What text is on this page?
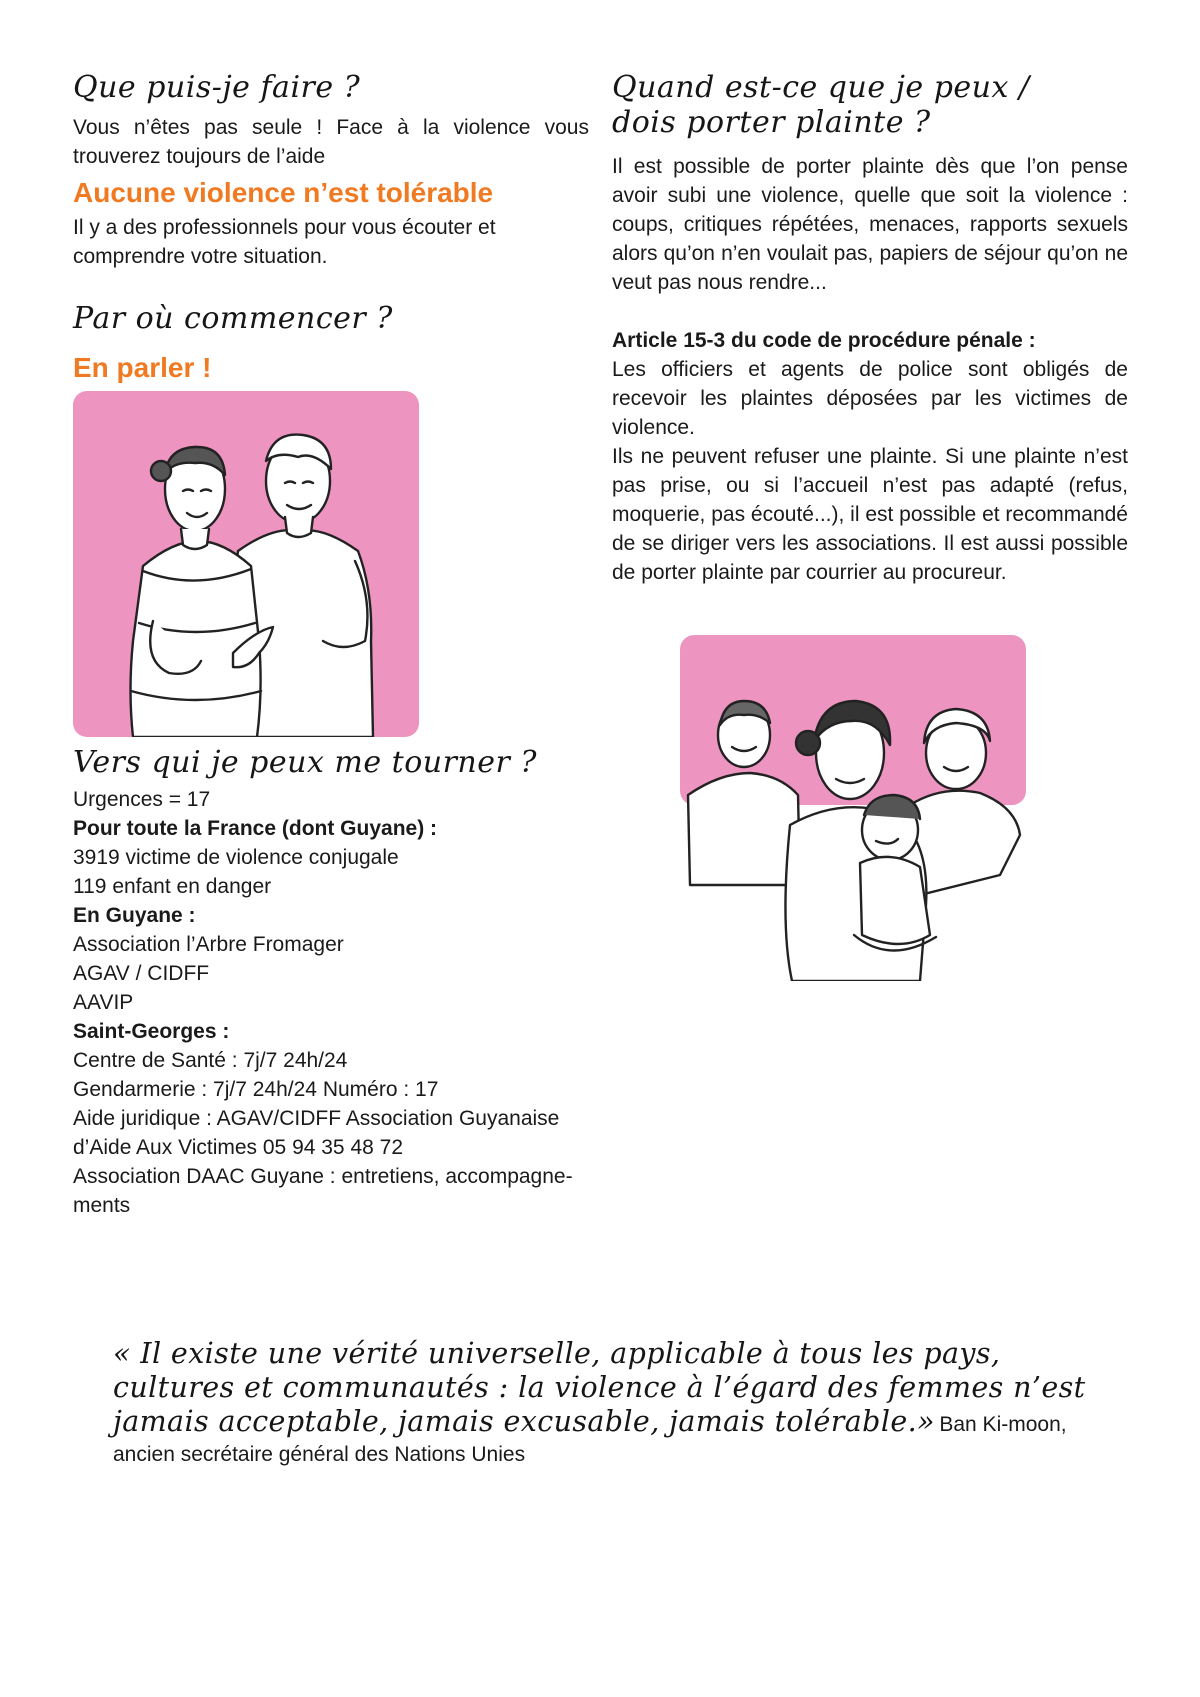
Que puis-je faire ?

Vous n’êtes pas seule ! Face à la violence vous trouverez toujours de l’aide

Aucune violence n’est tolérable

Il y a des professionnels pour vous écouter et comprendre votre situation.

Par où commencer ?

En parler !

Vers qui je peux me tourner ?
Urgences = 17
Pour toute la France (dont Guyane) :
3919 victime de violence conjugale
119 enfant en danger
En Guyane :
Association l’Arbre Fromager
AGAV / CIDFF
AAVIP
Saint-Georges :
Centre de Santé : 7j/7 24h/24
Gendarmerie : 7j/7 24h/24 Numéro : 17
Aide juridique : AGAV/CIDFF Association Guyanaise
d’Aide Aux Victimes 05 94 35 48 72
Association DAAC Guyane : entretiens, accompagne-
ments
Quand est-ce que je peux / dois porter plainte ?

Il est possible de porter plainte dès que l’on pense avoir subi une violence, quelle que soit la violence : coups, critiques répétées, menaces, rapports sexuels alors qu’on n’en voulait pas, papiers de séjour qu’on ne veut pas nous rendre...

Article 15-3 du code de procédure pénale :

Les officiers et agents de police sont obligés de recevoir les plaintes déposées par les victimes de violence.

Ils ne peuvent refuser une plainte. Si une plainte n’est pas prise, ou si l’accueil n’est pas adapté (refus, moquerie, pas écouté...), il est possible et recommandé de se diriger vers les associations. Il est aussi possible de porter plainte par courrier au procureur.

« Il existe une vérité universelle, applicable à tous les pays, cultures et communautés : la violence à l’égard des femmes n’est jamais acceptable, jamais excusable, jamais tolérable.» Ban Ki-moon,
ancien secrétaire général des Nations Unies
